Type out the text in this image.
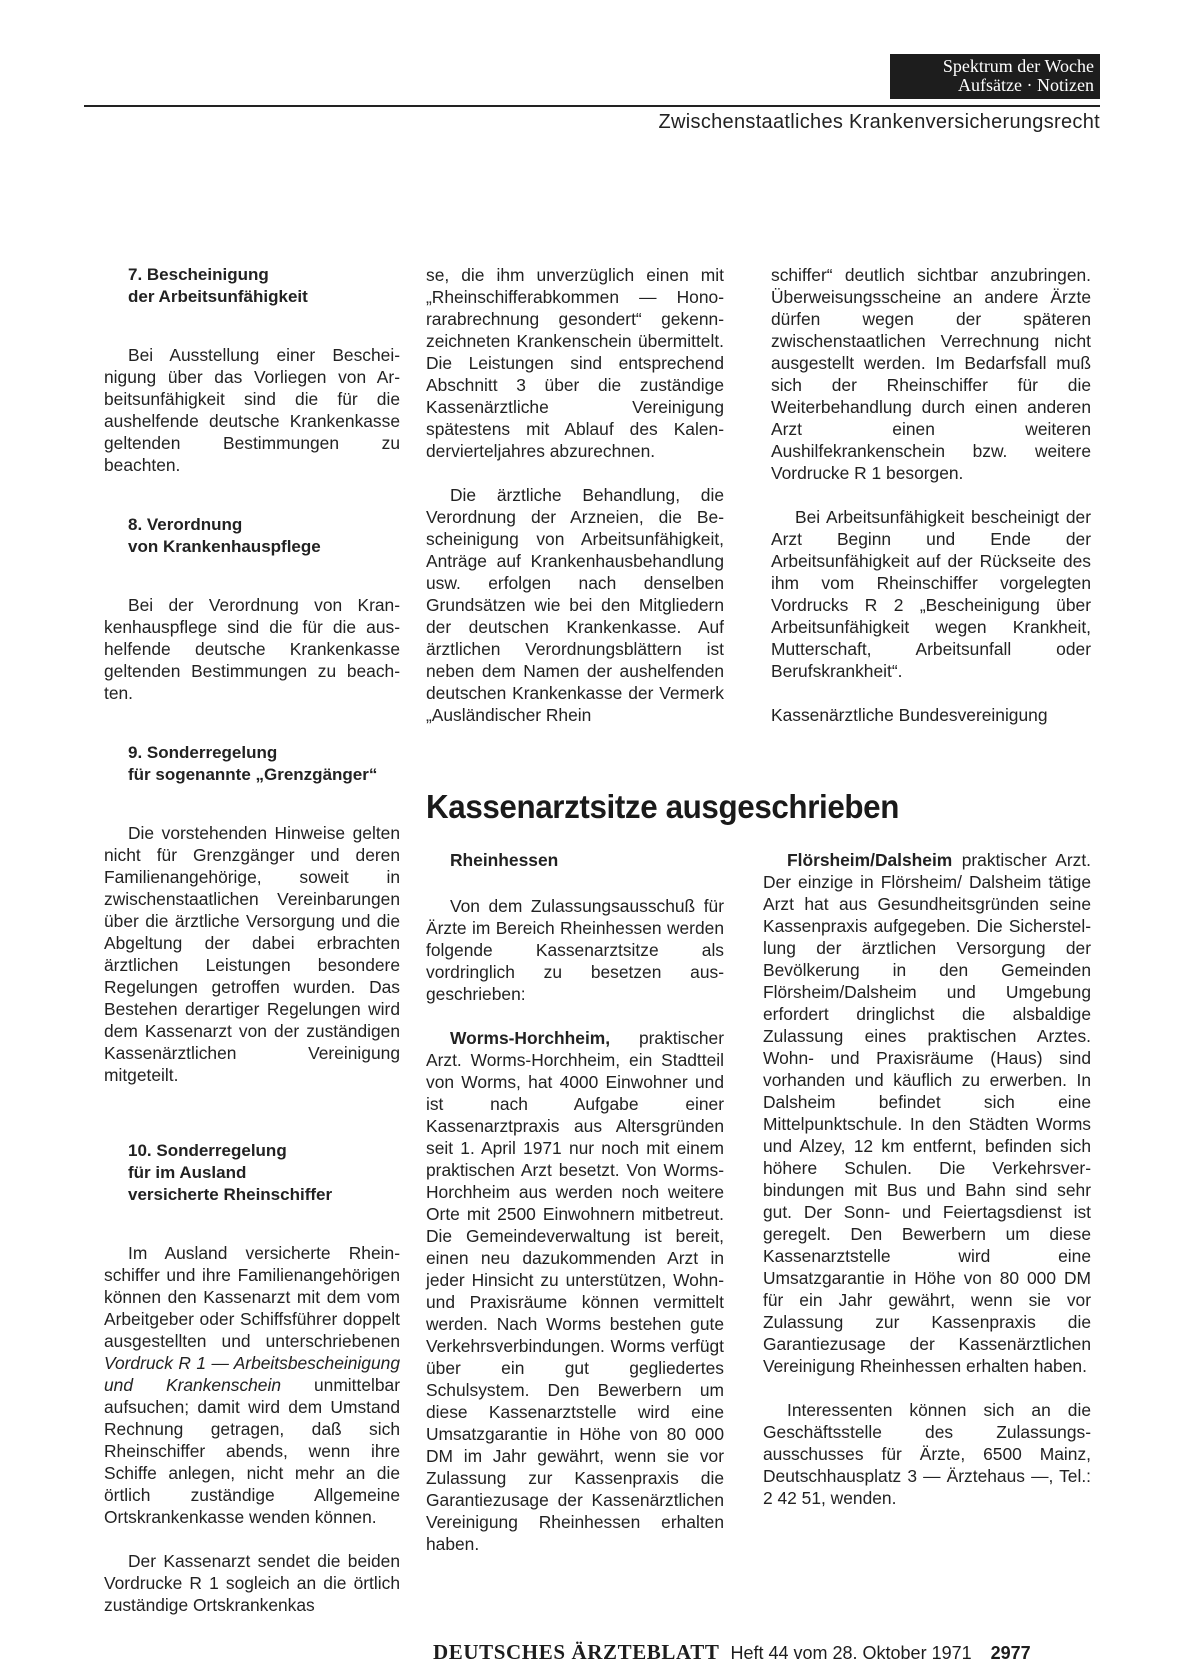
Spektrum der Woche
Aufsätze · Notizen
Zwischenstaatliches Krankenversicherungsrecht
7. Bescheinigung
der Arbeitsunfähigkeit

Bei Ausstellung einer Bescheinigung über das Vorliegen von Arbeitsunfähigkeit sind die für die aushelfende deutsche Krankenkasse geltenden Bestimmungen zu beachten.

8. Verordnung
von Krankenhauspflege

Bei der Verordnung von Krankenhauspflege sind die für die aushelfende deutsche Krankenkasse geltenden Bestimmungen zu beachten.

9. Sonderregelung
für sogenannte „Grenzgänger“

Die vorstehenden Hinweise gelten nicht für Grenzgänger und deren Familienangehörige, soweit in zwischenstaatlichen Vereinbarungen über die ärztliche Versorgung und die Abgeltung der dabei erbrachten ärztlichen Leistungen besondere Regelungen getroffen wurden. Das Bestehen derartiger Regelungen wird dem Kassenarzt von der zuständigen Kassenärztlichen Vereinigung mitgeteilt.

10. Sonderregelung
für im Ausland
versicherte Rheinschiffer

Im Ausland versicherte Rheinschiffer und ihre Familienangehörigen können den Kassenarzt mit dem vom Arbeitgeber oder Schiffsführer doppelt ausgestellten und unterschriebenen Vordruck R 1 — Arbeitsbescheinigung und Krankenschein unmittelbar aufsuchen; damit wird dem Umstand Rechnung getragen, daß sich Rheinschiffer abends, wenn ihre Schiffe anlegen, nicht mehr an die örtlich zuständige Allgemeine Ortskrankenkasse wenden können.

Der Kassenarzt sendet die beiden Vordrucke R 1 sogleich an die örtlich zuständige Ortskrankenkas

se, die ihm unverzüglich einen mit „Rheinschifferabkommen — Honorarabrechnung gesondert“ gekennzeichneten Krankenschein übermittelt. Die Leistungen sind entsprechend Abschnitt 3 über die zuständige Kassenärztliche Vereinigung spätestens mit Ablauf des Kalendervierteljahres abzurechnen.

Die ärztliche Behandlung, die Verordnung der Arzneien, die Bescheinigung von Arbeitsunfähigkeit, Anträge auf Krankenhausbehandlung usw. erfolgen nach denselben Grundsätzen wie bei den Mitgliedern der deutschen Krankenkasse. Auf ärztlichen Verordnungsblättern ist neben dem Namen der aushelfenden deutschen Krankenkasse der Vermerk „Ausländischer Rhein

schiffer“ deutlich sichtbar anzubringen. Überweisungsscheine an andere Ärzte dürfen wegen der späteren zwischenstaatlichen Verrechnung nicht ausgestellt werden. Im Bedarfsfall muß sich der Rheinschiffer für die Weiterbehandlung durch einen anderen Arzt einen weiteren Aushilfekrankenschein bzw. weitere Vordrucke R 1 besorgen.

Bei Arbeitsunfähigkeit bescheinigt der Arzt Beginn und Ende der Arbeitsunfähigkeit auf der Rückseite des ihm vom Rheinschiffer vorgelegten Vordrucks R 2 „Bescheinigung über Arbeitsunfähigkeit wegen Krankheit, Mutterschaft, Arbeitsunfall oder Berufskrankheit“.

Kassenärztliche Bundesvereinigung

Kassenarztsitze ausgeschrieben

Rheinhessen

Von dem Zulassungsausschuß für Ärzte im Bereich Rheinhessen werden folgende Kassenarztsitze als vordringlich zu besetzen ausgeschrieben:

Worms-Horchheim, praktischer Arzt. Worms-Horchheim, ein Stadtteil von Worms, hat 4000 Einwohner und ist nach Aufgabe einer Kassenarztpraxis aus Altersgründen seit 1. April 1971 nur noch mit einem praktischen Arzt besetzt. Von Worms-Horchheim aus werden noch weitere Orte mit 2500 Einwohnern mitbetreut. Die Gemeindeverwaltung ist bereit, einen neu dazukommenden Arzt in jeder Hinsicht zu unterstützen, Wohn- und Praxisräume können vermittelt werden. Nach Worms bestehen gute Verkehrsverbindungen. Worms verfügt über ein gut gegliedertes Schulsystem. Den Bewerbern um diese Kassenarztstelle wird eine Umsatzgarantie in Höhe von 80 000 DM im Jahr gewährt, wenn sie vor Zulassung zur Kassenpraxis die Garantiezusage der Kassenärztlichen Vereinigung Rheinhessen erhalten haben.

Flörsheim/Dalsheim praktischer Arzt. Der einzige in Flörsheim/ Dalsheim tätige Arzt hat aus Gesundheitsgründen seine Kassenpraxis aufgegeben. Die Sicherstellung der ärztlichen Versorgung der Bevölkerung in den Gemeinden Flörsheim/Dalsheim und Umgebung erfordert dringlichst die alsbaldige Zulassung eines praktischen Arztes. Wohn- und Praxisräume (Haus) sind vorhanden und käuflich zu erwerben. In Dalsheim befindet sich eine Mittelpunktschule. In den Städten Worms und Alzey, 12 km entfernt, befinden sich höhere Schulen. Die Verkehrsverbindungen mit Bus und Bahn sind sehr gut. Der Sonn- und Feiertagsdienst ist geregelt. Den Bewerbern um diese Kassenarztstelle wird eine Umsatzgarantie in Höhe von 80 000 DM für ein Jahr gewährt, wenn sie vor Zulassung zur Kassenpraxis die Garantiezusage der Kassenärztlichen Vereinigung Rheinhessen erhalten haben.

Interessenten können sich an die Geschäftsstelle des Zulassungsausschusses für Ärzte, 6500 Mainz, Deutschhausplatz 3 — Ärztehaus —, Tel.: 2 42 51, wenden.

DEUTSCHES ÄRZTEBLATT Heft 44 vom 28. Oktober 1971 2977
